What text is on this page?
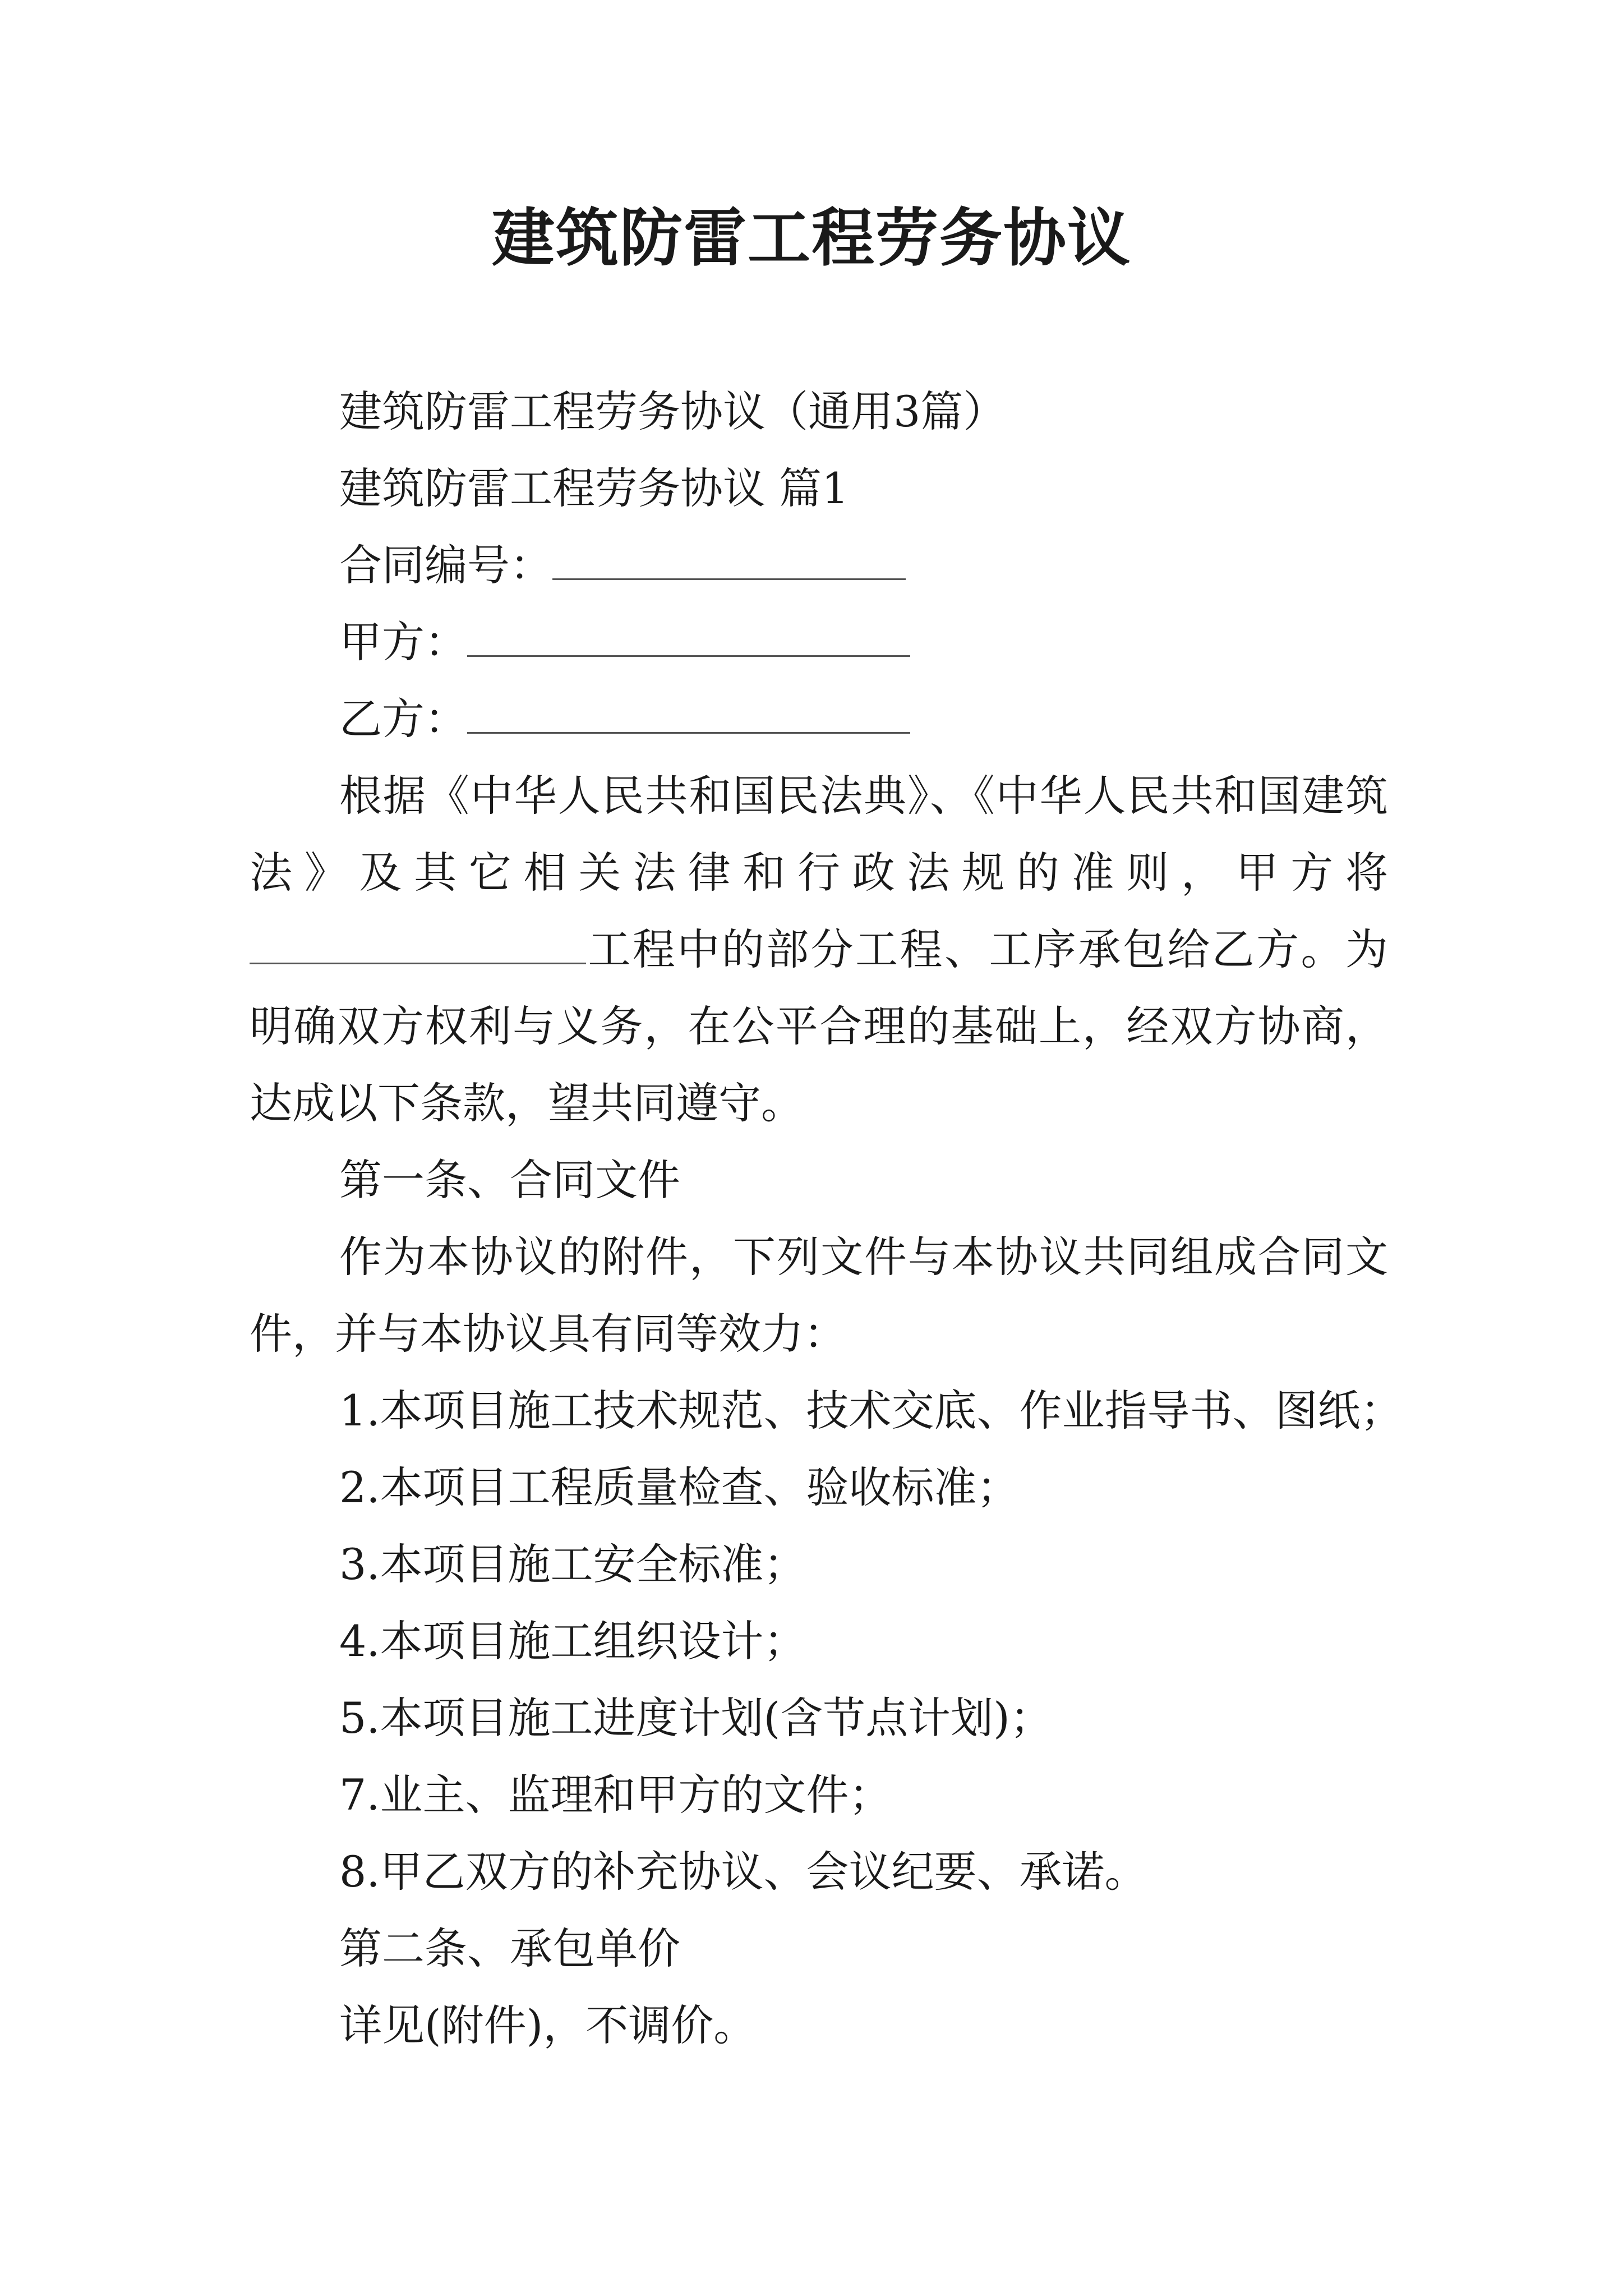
建筑防雷工程劳务协议

建筑防雷工程劳务协议（通用3篇）

建筑防雷工程劳务协议 篇1

合同编号：

甲方：

乙方：

根据《中华人民共和国民法典》、《中华人民共和国建筑法》及其它相关法律和行政法规的准则，甲方将工程中的部分工程、工序承包给乙方。为明确双方权利与义务，在公平合理的基础上，经双方协商，达成以下条款，望共同遵守。

第一条、合同文件

作为本协议的附件，下列文件与本协议共同组成合同文件，并与本协议具有同等效力：

1.本项目施工技术规范、技术交底、作业指导书、图纸；

2.本项目工程质量检查、验收标准；

3.本项目施工安全标准；

4.本项目施工组织设计；

5.本项目施工进度计划(含节点计划)；

7.业主、监理和甲方的文件；

8.甲乙双方的补充协议、会议纪要、承诺。

第二条、承包单价

详见(附件)，不调价。
